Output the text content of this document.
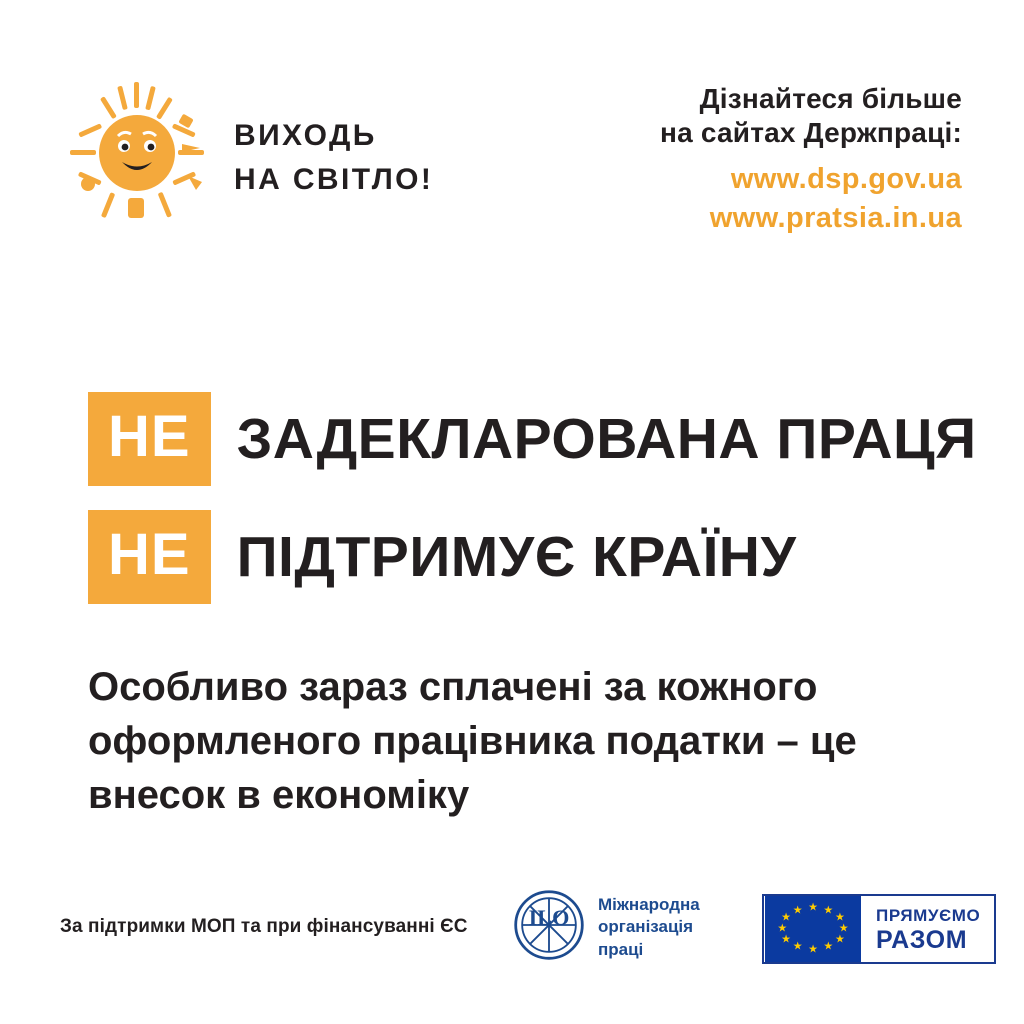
ВИХОДЬ
НА СВІТЛО!
Дізнайтеся більше
на сайтах Держпраці:
www.dsp.gov.ua
www.pratsia.in.ua
НЕ ЗАДЕКЛАРОВАНА ПРАЦЯ
НЕ ПІДТРИМУЄ КРАЇНУ
Особливо зараз сплачені за кожного оформленого працівника податки – це внесок в економіку
За підтримки МОП та при фінансуванні ЄС	ILO
Міжнародна
організація
праці
★ ★
★
★
★
★
★
★
★
★
★
★	ПРЯМУЄМО
РАЗОМ
